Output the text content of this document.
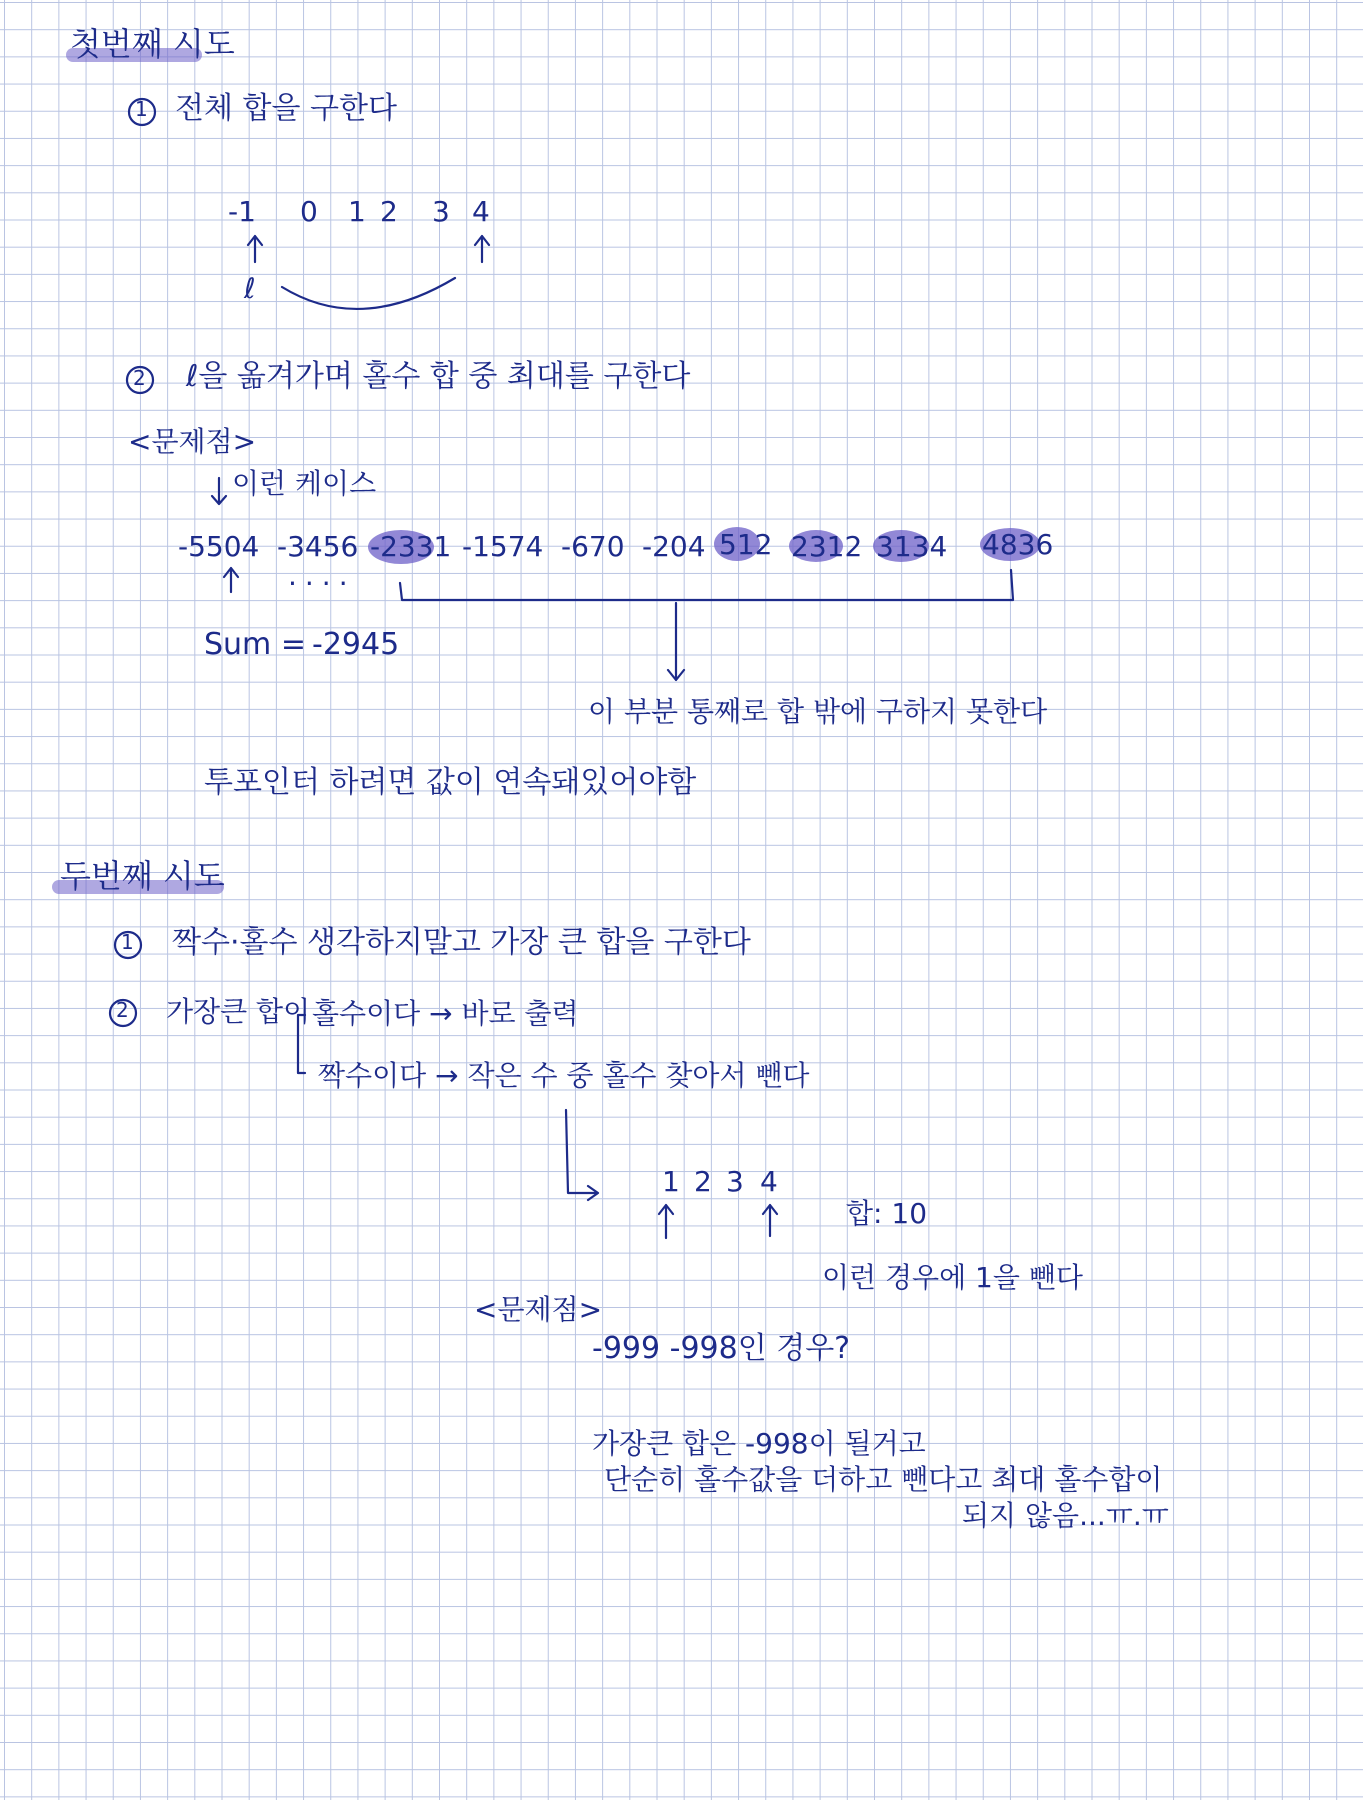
첫번째 시도
1 전체 합을 구한다
-1 0 1 2 3 4
ℓ
2 ℓ을 옮겨가며 홀수 합 중 최대를 구한다
<문제점>
이런 케이스
-5504 -3456 -2331 -1574 -670 -204 512 2312 3134 4836
....
Sum = -2945
이 부분 통째로 합 밖에 구하지 못한다
투포인터 하려면 값이 연속돼있어야함
두번째 시도
1 짝수·홀수 생각하지말고 가장 큰 합을 구한다
2 가장큰 합이 홀수이다 → 바로 출력
짝수이다 → 작은 수 중 홀수 찾아서 뺀다
1 2 3 4
합: 10
이런 경우에 1을 뺀다
<문제점>
-999 -998인 경우?
가장큰 합은 -998이 될거고
단순히 홀수값을 더하고 뺀다고 최대 홀수합이
되지 않음...ㅠ.ㅠ
